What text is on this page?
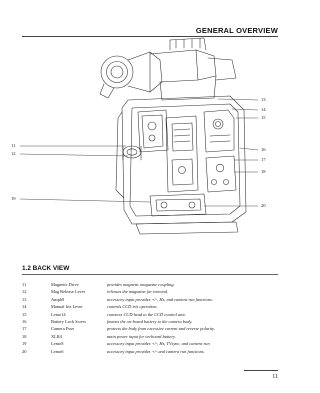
GENERAL OVERVIEW
11
12
13
14
15
16
17
18
19
20
1.2 BACK VIEW
11	Magnetic Drive	provides magnetic magazine coupling.
12	Mag Release Lever	releases the magazine for removal.
13	Amph9	accessory input provides +/-, Hz, and camera run functions.
14	Manual Iris Lever	controls CCD iris operation.
15	Lemo14	connects CCD head to the CCD control unit.
16	Battery Lock Screw	fastens the on-board battery to the camera body.
17	Camera Fuse	protects the body from excessive current and reverse polarity.
18	XLR4	main power input for on-board battery.
19	Lemo8	accessory input provides +/-, Hz, TVsync, and camera run
20	Lemo6	accessory input provides +/- and camera run functions.
11
